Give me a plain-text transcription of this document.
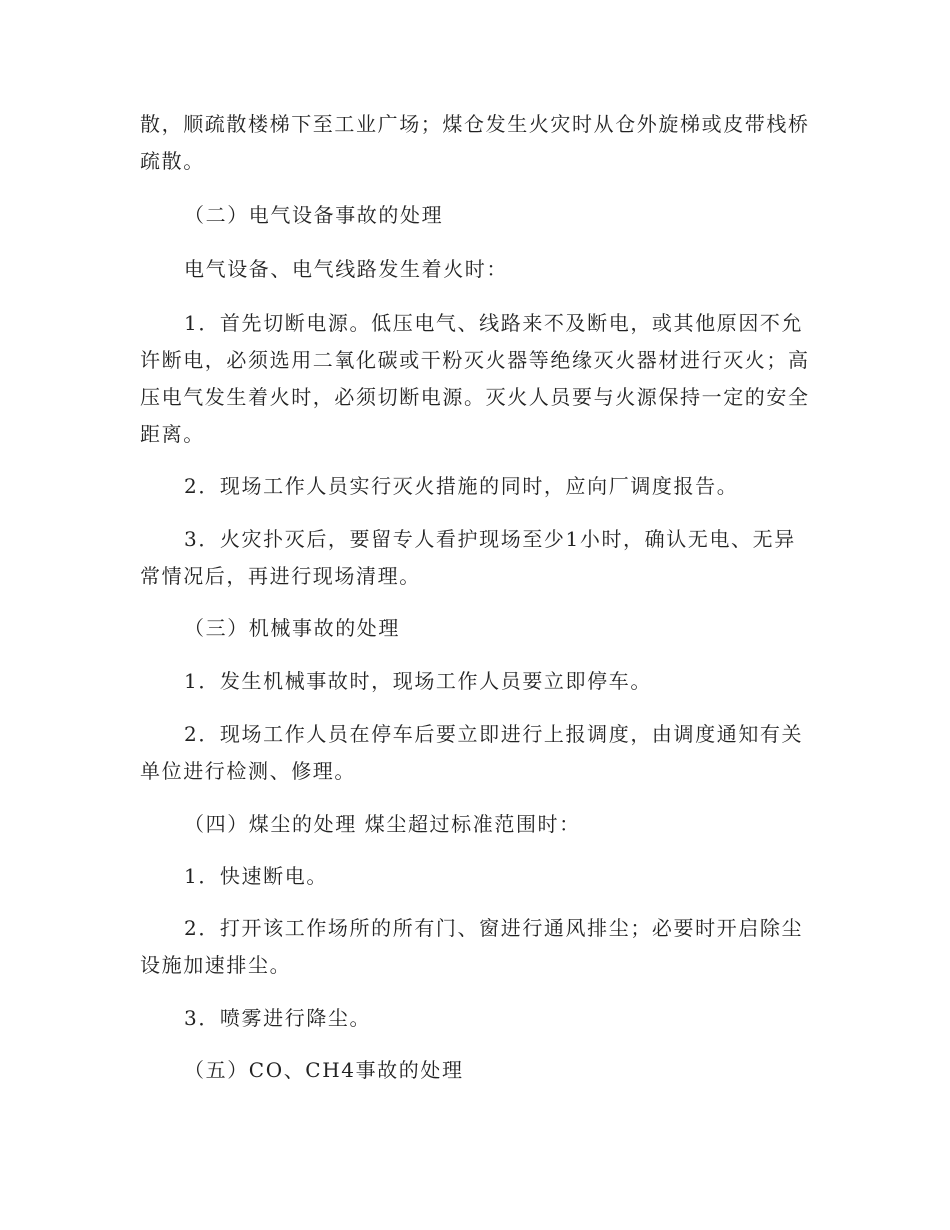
散，顺疏散楼梯下至工业广场；煤仓发生火灾时从仓外旋梯或皮带栈桥疏散。

（二）电气设备事故的处理

电气设备、电气线路发生着火时：

1．首先切断电源。低压电气、线路来不及断电，或其他原因不允许断电，必须选用二氧化碳或干粉灭火器等绝缘灭火器材进行灭火；高压电气发生着火时，必须切断电源。灭火人员要与火源保持一定的安全距离。

2．现场工作人员实行灭火措施的同时，应向厂调度报告。

3．火灾扑灭后，要留专人看护现场至少1小时，确认无电、无异常情况后，再进行现场清理。

（三）机械事故的处理

1．发生机械事故时，现场工作人员要立即停车。

2．现场工作人员在停车后要立即进行上报调度，由调度通知有关单位进行检测、修理。

（四）煤尘的处理 煤尘超过标准范围时：

1．快速断电。

2．打开该工作场所的所有门、窗进行通风排尘；必要时开启除尘设施加速排尘。

3．喷雾进行降尘。

（五）CO、CH4事故的处理
